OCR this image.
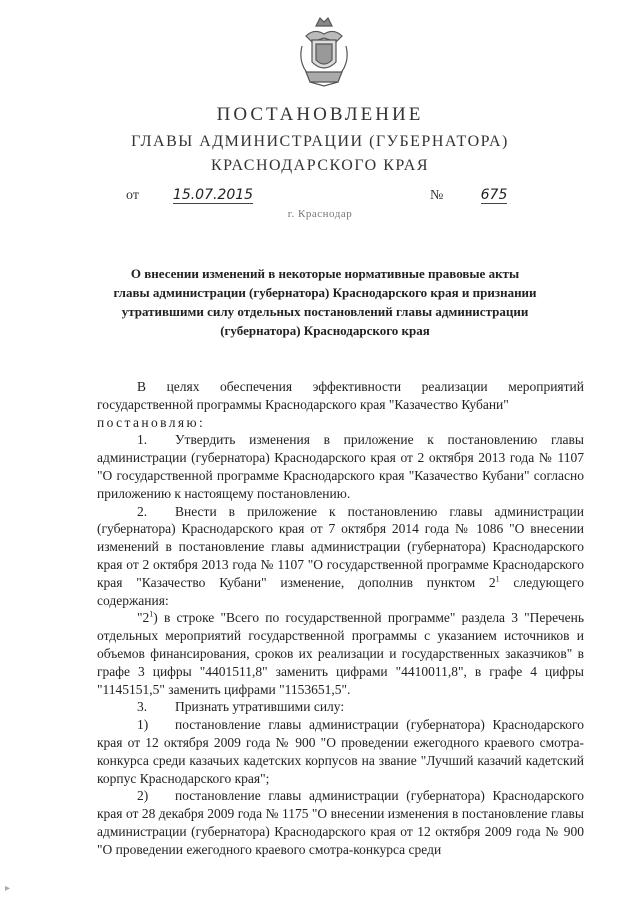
ПОСТАНОВЛЕНИЕ
ГЛАВЫ АДМИНИСТРАЦИИ (ГУБЕРНАТОРА)
КРАСНОДАРСКОГО КРАЯ
от	15.07.2015	№	675
г. Краснодар
О внесении изменений в некоторые нормативные правовые акты
главы администрации (губернатора) Краснодарского края и признании
утратившими силу отдельных постановлений главы администрации
(губернатора) Краснодарского края

В целях обеспечения эффективности реализации мероприятий государственной программы Краснодарского края "Казачество Кубани"

постановляю:

1. Утвердить изменения в приложение к постановлению главы администрации (губернатора) Краснодарского края от 2 октября 2013 года № 1107 "О государственной программе Краснодарского края "Казачество Кубани" согласно приложению к настоящему постановлению.

2. Внести в приложение к постановлению главы администрации (губернатора) Краснодарского края от 7 октября 2014 года № 1086 "О внесении изменений в постановление главы администрации (губернатора) Краснодарского края от 2 октября 2013 года № 1107 "О государственной программе Краснодарского края "Казачество Кубани" изменение, дополнив пунктом $2^1$ следующего содержания:

"$2^1$) в строке "Всего по государственной программе" раздела 3 "Перечень отдельных мероприятий государственной программы с указанием источников и объемов финансирования, сроков их реализации и государственных заказчиков" в графе 3 цифры "4401511,8" заменить цифрами "4410011,8", в графе 4 цифры "1145151,5" заменить цифрами "1153651,5".

3. Признать утратившими силу:

1) постановление главы администрации (губернатора) Краснодарского края от 12 октября 2009 года № 900 "О проведении ежегодного краевого смотра-конкурса среди казачьих кадетских корпусов на звание "Лучший казачий кадетский корпус Краснодарского края";

2) постановление главы администрации (губернатора) Краснодарского края от 28 декабря 2009 года № 1175 "О внесении изменения в постановление главы администрации (губернатора) Краснодарского края от 12 октября 2009 года № 900 "О проведении ежегодного краевого смотра-конкурса среди

▸
